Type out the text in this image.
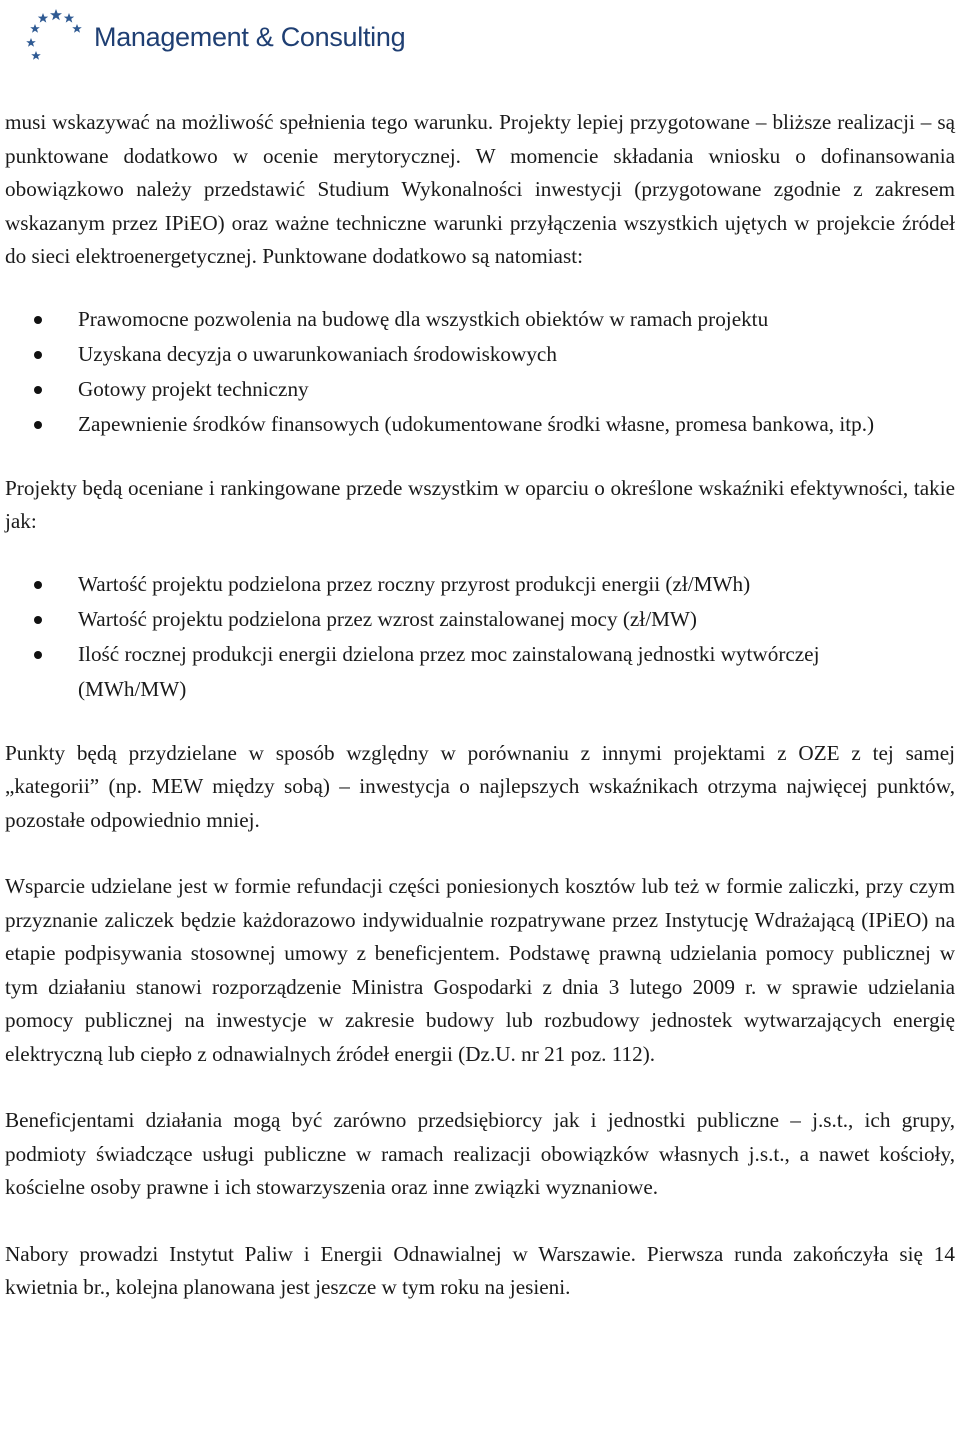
Management & Consulting

musi wskazywać na możliwość spełnienia tego warunku. Projekty lepiej przygotowane – bliższe realizacji – są punktowane dodatkowo w ocenie merytorycznej. W momencie składania wniosku o dofinansowania obowiązkowo należy przedstawić Studium Wykonalności inwestycji (przygotowane zgodnie z zakresem wskazanym przez IPiEO) oraz ważne techniczne warunki przyłączenia wszystkich ujętych w projekcie źródeł do sieci elektroenergetycznej. Punktowane dodatkowo są natomiast:

Prawomocne pozwolenia na budowę dla wszystkich obiektów w ramach projektu
Uzyskana decyzja o uwarunkowaniach środowiskowych
Gotowy projekt techniczny
Zapewnienie środków finansowych (udokumentowane środki własne, promesa bankowa, itp.)

Projekty będą oceniane i rankingowane przede wszystkim w oparciu o określone wskaźniki efektywności, takie jak:

Wartość projektu podzielona przez roczny przyrost produkcji energii (zł/MWh)
Wartość projektu podzielona przez wzrost zainstalowanej mocy (zł/MW)
Ilość rocznej produkcji energii dzielona przez moc zainstalowaną jednostki wytwórczej (MWh/MW)

Punkty będą przydzielane w sposób względny w porównaniu z innymi projektami z OZE z tej samej „kategorii” (np. MEW między sobą) – inwestycja o najlepszych wskaźnikach otrzyma najwięcej punktów, pozostałe odpowiednio mniej.

Wsparcie udzielane jest w formie refundacji części poniesionych kosztów lub też w formie zaliczki, przy czym przyznanie zaliczek będzie każdorazowo indywidualnie rozpatrywane przez Instytucję Wdrażającą (IPiEO) na etapie podpisywania stosownej umowy z beneficjentem. Podstawę prawną udzielania pomocy publicznej w tym działaniu stanowi rozporządzenie Ministra Gospodarki z dnia 3 lutego 2009 r. w sprawie udzielania pomocy publicznej na inwestycje w zakresie budowy lub rozbudowy jednostek wytwarzających energię elektryczną lub ciepło z odnawialnych źródeł energii (Dz.U. nr 21 poz. 112).

Beneficjentami działania mogą być zarówno przedsiębiorcy jak i jednostki publiczne – j.s.t., ich grupy, podmioty świadczące usługi publiczne w ramach realizacji obowiązków własnych j.s.t., a nawet kościoły, kościelne osoby prawne i ich stowarzyszenia oraz inne związki wyznaniowe.

Nabory prowadzi Instytut Paliw i Energii Odnawialnej w Warszawie. Pierwsza runda zakończyła się 14 kwietnia br., kolejna planowana jest jeszcze w tym roku na jesieni.
